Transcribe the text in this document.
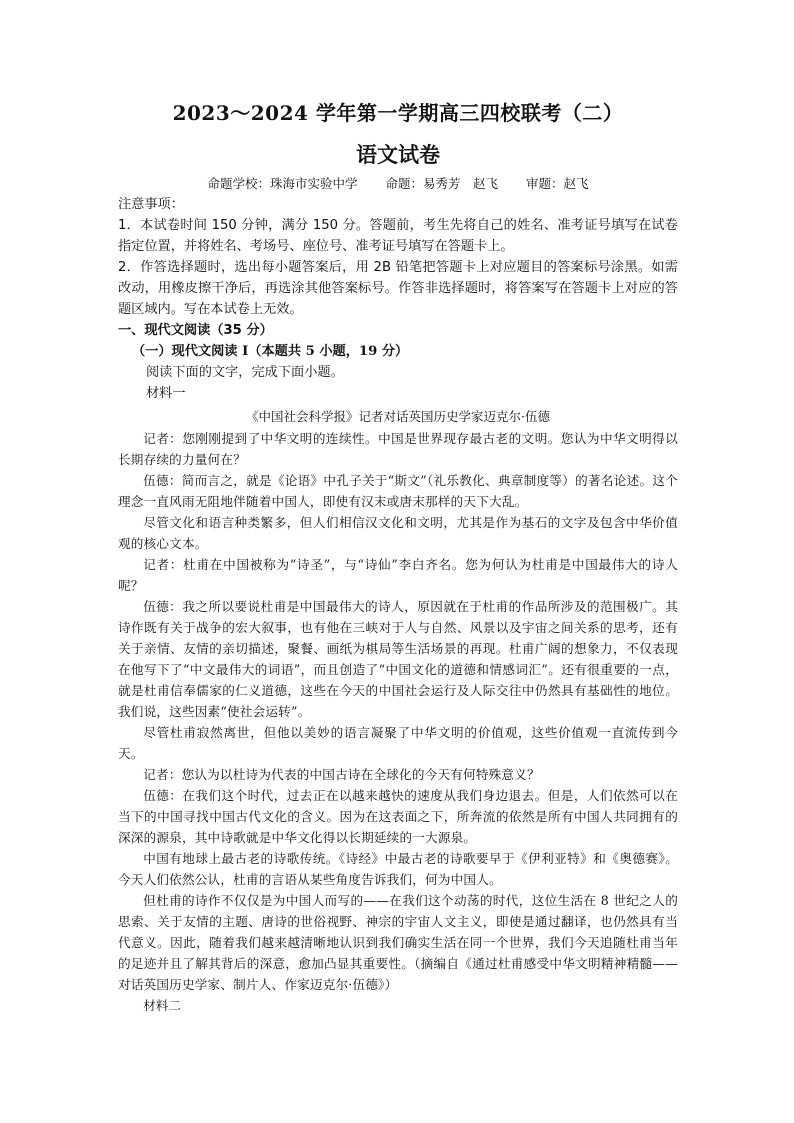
2023～2024 学年第一学期高三四校联考（二）
语文试卷

命题学校：珠海市实验中学 命题：易秀芳　赵飞 审题：赵飞

注意事项：

1．本试卷时间 150 分钟，满分 150 分。答题前，考生先将自己的姓名、准考证号填写在试卷指定位置，并将姓名、考场号、座位号、准考证号填写在答题卡上。

2．作答选择题时，选出每小题答案后，用 2B 铅笔把答题卡上对应题目的答案标号涂黑。如需改动，用橡皮擦干净后，再选涂其他答案标号。作答非选择题时，将答案写在答题卡上对应的答题区域内。写在本试卷上无效。

一、现代文阅读（35 分）

（一）现代文阅读 I（本题共 5 小题，19 分）

阅读下面的文字，完成下面小题。

材料一

《中国社会科学报》记者对话英国历史学家迈克尔·伍德

记者：您刚刚提到了中华文明的连续性。中国是世界现存最古老的文明。您认为中华文明得以长期存续的力量何在？

伍德：简而言之，就是《论语》中孔子关于“斯文”（礼乐教化、典章制度等）的著名论述。这个理念一直风雨无阻地伴随着中国人，即使有汉末或唐末那样的天下大乱。

尽管文化和语言种类繁多，但人们相信汉文化和文明，尤其是作为基石的文字及包含中华价值观的核心文本。

记者：杜甫在中国被称为“诗圣”，与“诗仙”李白齐名。您为何认为杜甫是中国最伟大的诗人呢？

伍德：我之所以要说杜甫是中国最伟大的诗人，原因就在于杜甫的作品所涉及的范围极广。其诗作既有关于战争的宏大叙事，也有他在三峡对于人与自然、风景以及宇宙之间关系的思考，还有关于亲情、友情的亲切描述，聚餐、画纸为棋局等生活场景的再现。杜甫广阔的想象力，不仅表现在他写下了“中文最伟大的词语”，而且创造了“中国文化的道德和情感词汇”。还有很重要的一点，就是杜甫信奉儒家的仁义道德，这些在今天的中国社会运行及人际交往中仍然具有基础性的地位。我们说，这些因素“使社会运转”。

尽管杜甫寂然离世，但他以美妙的语言凝聚了中华文明的价值观，这些价值观一直流传到今天。

记者：您认为以杜诗为代表的中国古诗在全球化的今天有何特殊意义？

伍德：在我们这个时代，过去正在以越来越快的速度从我们身边退去。但是，人们依然可以在当下的中国寻找中国古代文化的含义。因为在这表面之下，所奔流的依然是所有中国人共同拥有的深深的源泉，其中诗歌就是中华文化得以长期延续的一大源泉。

中国有地球上最古老的诗歌传统。《诗经》中最古老的诗歌要早于《伊利亚特》和《奥德赛》。今天人们依然公认，杜甫的言语从某些角度告诉我们，何为中国人。

但杜甫的诗作不仅仅是为中国人而写的——在我们这个动荡的时代，这位生活在 8 世纪之人的思索、关于友情的主题、唐诗的世俗视野、神宗的宇宙人文主义，即使是通过翻译，也仍然具有当代意义。因此，随着我们越来越清晰地认识到我们确实生活在同一个世界，我们今天追随杜甫当年的足迹并且了解其背后的深意，愈加凸显其重要性。（摘编自《通过杜甫感受中华文明精神精髓——对话英国历史学家、制片人、作家迈克尔·伍德》）

材料二
